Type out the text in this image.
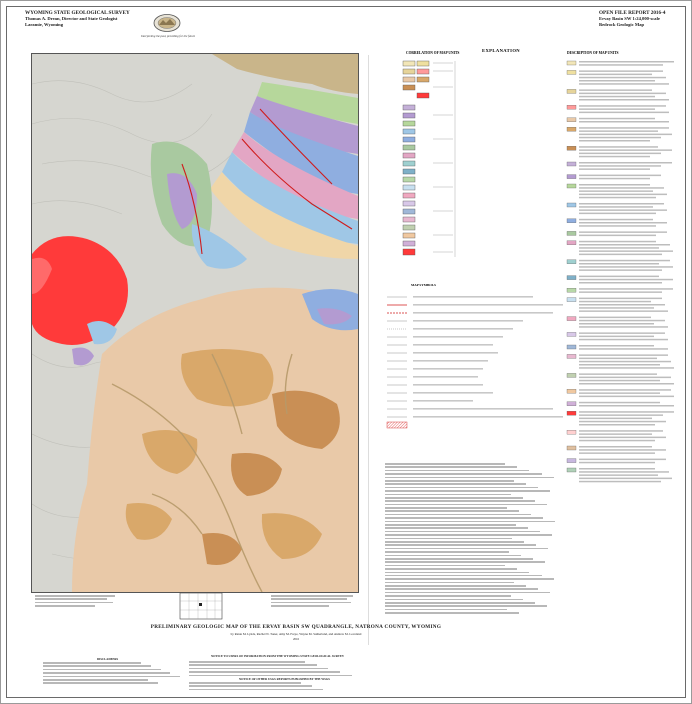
WYOMING STATE GEOLOGICAL SURVEY
Thomas A. Drean, Director and State Geologist
Laramie, Wyoming
Interpreting the past, providing for the future
OPEN FILE REPORT 2016-4
Ervay Basin SW 1:24,000-scale
Bedrock Geologic Map
EXPLANATION
CORRELATION OF MAP UNITS	DESCRIPTION OF MAP UNITS
MAP SYMBOLS
PRELIMINARY GEOLOGIC MAP OF THE ERVAY BASIN SW QUADRANGLE, NATRONA COUNTY, WYOMING
by Ranie M. Lynds, Rachel N. Toner, Amy M. Freye, Wayne M. Sutherland, and Andrew M. Loveland
2016
DISCLAIMERS
NOTICE TO USERS OF INFORMATION FROM THE WYOMING STATE GEOLOGICAL SURVEY
NOTICE OF OTHER USGS REPORTS PUBLISHED BY THE WSGS
